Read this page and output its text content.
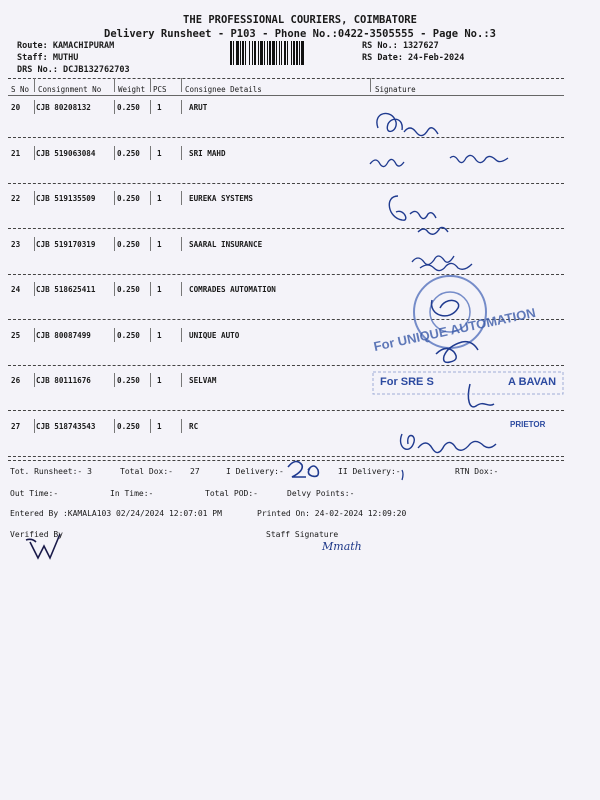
THE PROFESSIONAL COURIERS, COIMBATORE
Delivery Runsheet - P103 - Phone No.:0422-3505555 - Page No.:3
Route: KAMACHIPURAM
Staff: MUTHU
DRS No.: DCJB132762703
RS No.: 1327627
RS Date: 24-Feb-2024
S No Consignment No Weight PCS Consignee Details	Signature
20 CJB 80208132	0.250 1	ARUT
21 CJB 519063084	0.250 1	SRI MAHD
22 CJB 519135509	0.250 1	EUREKA SYSTEMS
23 CJB 519170319	0.250 1	SAARAL INSURANCE
24 CJB 518625411	0.250 1	COMRADES AUTOMATION
25 CJB 80087499	0.250 1	UNIQUE AUTO
26 CJB 80111676	0.250 1	SELVAM
27 CJB 518743543	0.250 1	RC
For UNIQUE AUTOMATION
For SRE S	A BAVAN
PRIETOR
Tot. Runsheet:- 3	Total Dox:- 27	I Delivery:-	II Delivery:-	RTN Dox:-
Out Time:-	In Time:-	Total POD:-	Delvy Points:-
Entered By :KAMALA103 02/24/2024 12:07:01 PM	Printed On: 24-02-2024 12:09:20
Verified By	Staff Signature
Mmath
